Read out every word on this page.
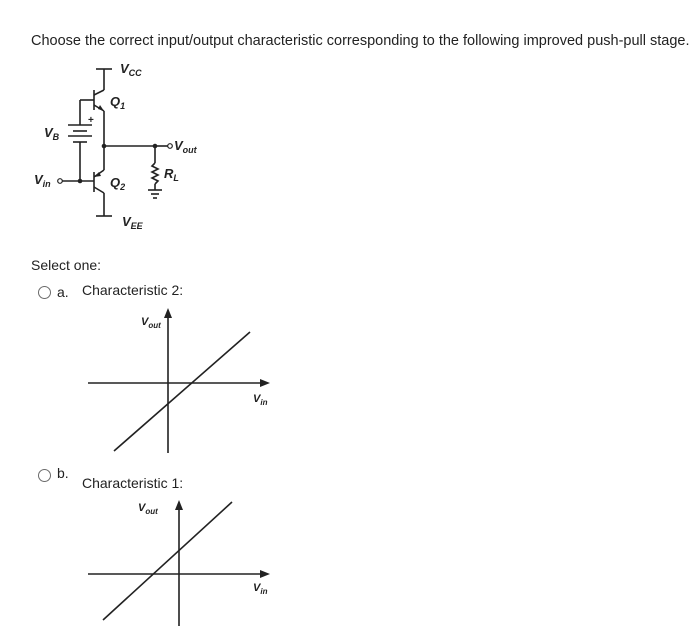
Choose the correct input/output characteristic corresponding to the following improved push-pull stage.
$V_{CC}$
$Q_1$
$V_B$
+
$V_{out}$
$R_L$
$Q_2$
$V_{in}$
$V_{EE}$
Select one:
a. Characteristic 2:
$V_{out}$
$V_{in}$
b.
Characteristic 1:
$V_{out}$
$V_{in}$
